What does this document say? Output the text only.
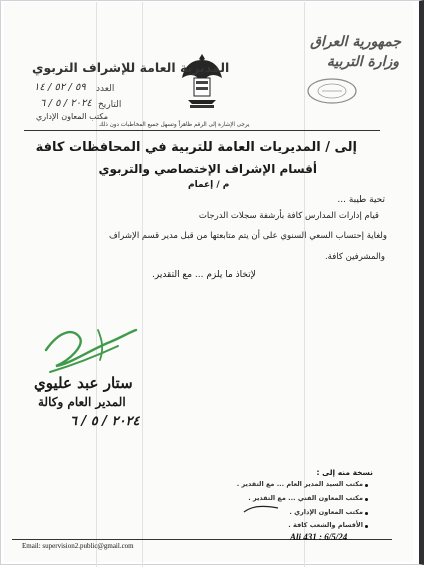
جمهورية العراق
وزارة التربية
المديرية العامة للإشراف التربوي
العدد
٥٩ / ٥٢ / ١٤
التاريخ
٢٠٢٤ / ٥ / ٦
مكتب المعاون الإداري
يرجى الإشارة إلى الرقم ظاهراً وتسهل جميع المخاطبات دون ذلك
إلى / المديريات العامة للتربية في المحافظات كافة
أقسام الإشراف الإختصاصي والتربوي
م / إعمام
تحية طيبة ...
قيام إدارات المدارس كافة بأرشفة سجلات الدرجات
ولغاية إحتساب السعي السنوي على أن يتم متابعتها من قبل مدير قسم الإشراف
والمشرفين كافة.
لإتخاذ ما يلزم ... مع التقدير.
ستار عبد عليوي
المدير العام وكالة
٢٠٢٤ / ٥ / ٦
نسخة منه إلى :
مكتب السيد المدير العام ... مع التقدير .
مكتب المعاون الفني ... مع التقدير .
مكتب المعاون الإداري .
الأقسام والشعب كافة .
Email: supervision2.public@gmail.com
Ali 431 : 6/5/24
